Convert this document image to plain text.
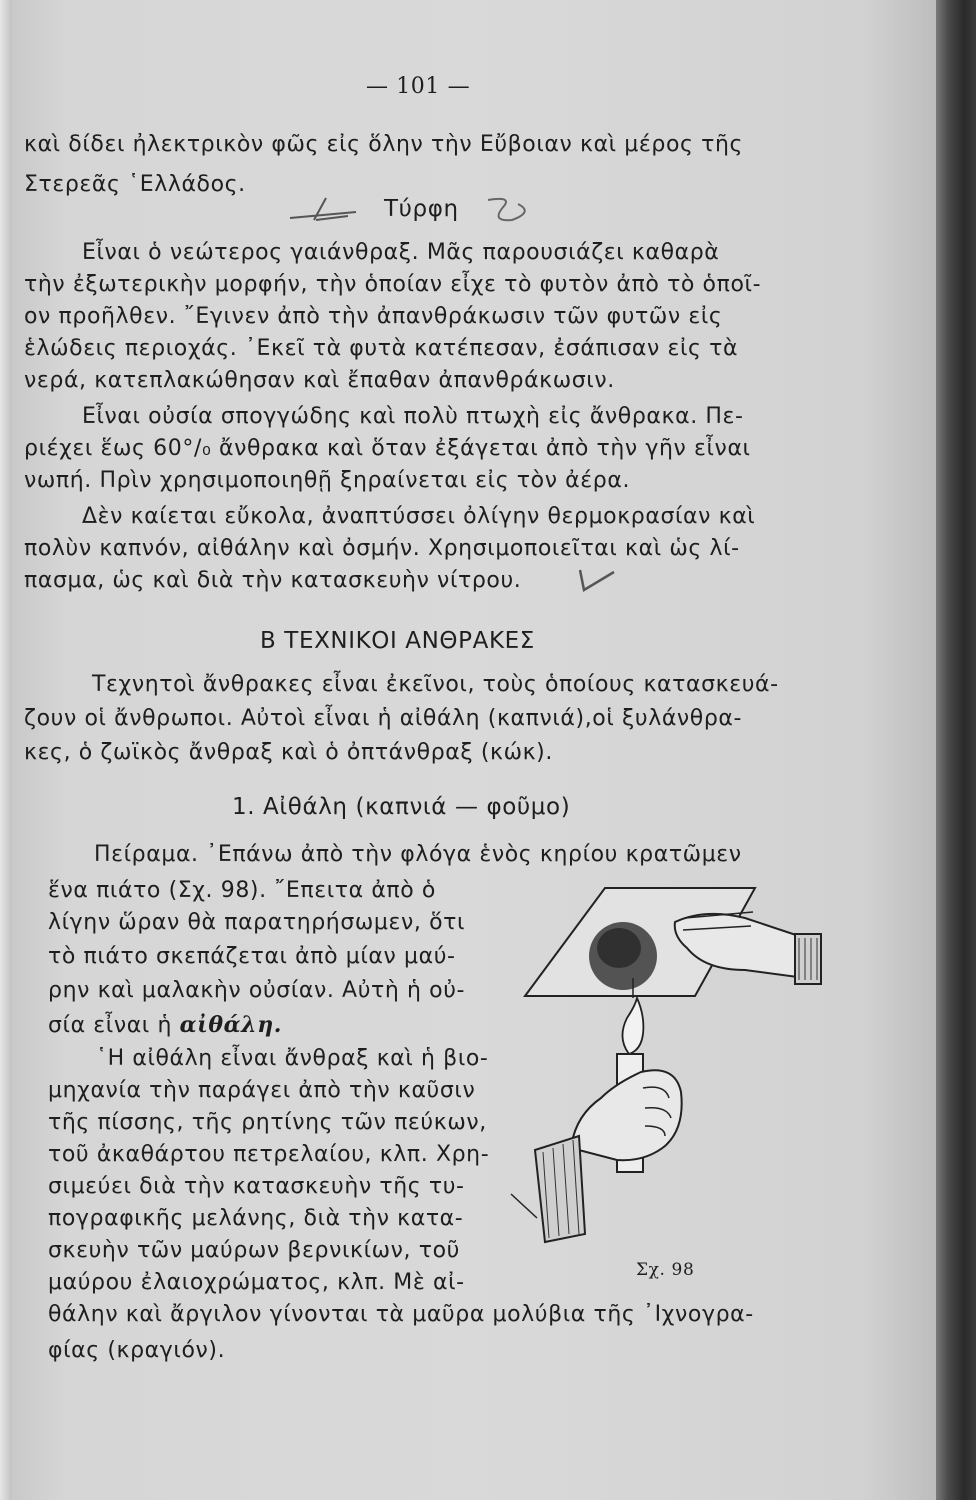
— 101 —
καὶ δίδει ἠλεκτρικὸν φῶς εἰς ὅλην τὴν Εὔβοιαν καὶ μέρος τῆς
Στερεᾶς ῾Ελλάδος.
Τύρφη
Εἶναι ὁ νεώτερος γαιάνθραξ. Μᾶς παρουσιάζει καθαρὰ
τὴν ἐξωτερικὴν μορφήν, τὴν ὁποίαν εἶχε τὸ φυτὸν ἀπὸ τὸ ὁποῖ-
ον προῆλθεν. ῎Εγινεν ἀπὸ τὴν ἀπανθράκωσιν τῶν φυτῶν εἰς
ἑλώδεις περιοχάς. ᾽Εκεῖ τὰ φυτὰ κατέπεσαν, ἐσάπισαν εἰς τὰ
νερά, κατεπλακώθησαν καὶ ἔπαθαν ἀπανθράκωσιν.
Εἶναι οὐσία σπογγώδης καὶ πολὺ πτωχὴ εἰς ἄνθρακα. Πε-
ριέχει ἕως 60°/₀ ἄνθρακα καὶ ὅταν ἐξάγεται ἀπὸ τὴν γῆν εἶναι
νωπή. Πρὶν χρησιμοποιηθῇ ξηραίνεται εἰς τὸν ἀέρα.
Δὲν καίεται εὔκολα, ἀναπτύσσει ὀλίγην θερμοκρασίαν καὶ
πολὺν καπνόν, αἰθάλην καὶ ὀσμήν. Χρησιμοποιεῖται καὶ ὡς λί-
πασμα, ὡς καὶ διὰ τὴν κατασκευὴν νίτρου.
Β ΤΕΧΝΙΚΟΙ ΑΝΘΡΑΚΕΣ
Τεχνητοὶ ἄνθρακες εἶναι ἐκεῖνοι, τοὺς ὁποίους κατασκευά-
ζουν οἱ ἄνθρωποι. Αὐτοὶ εἶναι ἡ αἰθάλη (καπνιά),οἱ ξυλάνθρα-
κες, ὁ ζωϊκὸς ἄνθραξ καὶ ὁ ὀπτάνθραξ (κώκ).
1. Αἰθάλη (καπνιά — φοῦμο)
Πείραμα. ᾽Επάνω ἀπὸ τὴν φλόγα ἑνὸς κηρίου κρατῶμεν
ἕνα πιάτο (Σχ. 98). ῎Επειτα ἀπὸ ὁ
λίγην ὥραν θὰ παρατηρήσωμεν, ὅτι
τὸ πιάτο σκεπάζεται ἀπὸ μίαν μαύ-
ρην καὶ μαλακὴν οὐσίαν. Αὐτὴ ἡ οὐ-
σία εἶναι ἡ αἰθάλη.
῾Η αἰθάλη εἶναι ἄνθραξ καὶ ἡ βιο-
μηχανία τὴν παράγει ἀπὸ τὴν καῦσιν
τῆς πίσσης, τῆς ρητίνης τῶν πεύκων,
τοῦ ἀκαθάρτου πετρελαίου, κλπ. Χρη-
σιμεύει διὰ τὴν κατασκευὴν τῆς τυ-
πογραφικῆς μελάνης, διὰ τὴν κατα-
σκευὴν τῶν μαύρων βερνικίων, τοῦ
μαύρου ἐλαιοχρώματος, κλπ. Μὲ αἰ-
θάλην καὶ ἄργιλον γίνονται τὰ μαῦρα μολύβια τῆς ᾽Ιχνογρα-
φίας (κραγιόν).
Σχ. 98
